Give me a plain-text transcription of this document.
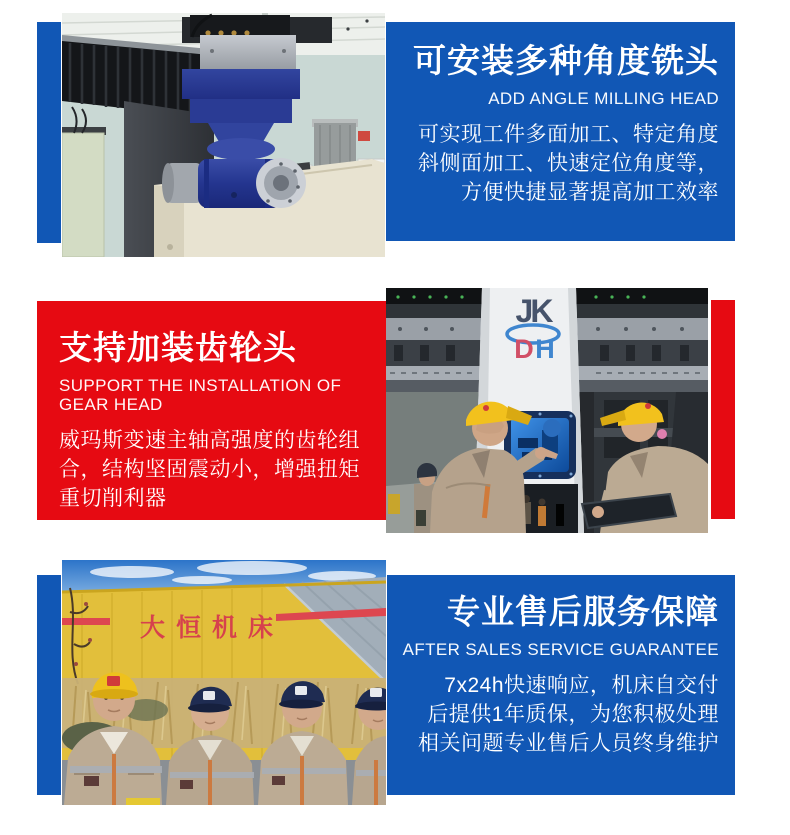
可安装多种角度铣头
ADD ANGLE MILLING HEAD
可实现工件多面加工、特定角度
斜侧面加工、快速定位角度等，
方便快捷显著提高加工效率
支持加装齿轮头
SUPPORT THE INSTALLATION OF GEAR HEAD
威玛斯变速主轴高强度的齿轮组
合，结构坚固震动小，增强扭矩
重切削利器
JK
D H
大恒机床	专业售后服务保障
AFTER SALES SERVICE GUARANTEE
7x24h快速响应，机床自交付
后提供1年质保，为您积极处理
相关问题专业售后人员终身维护
